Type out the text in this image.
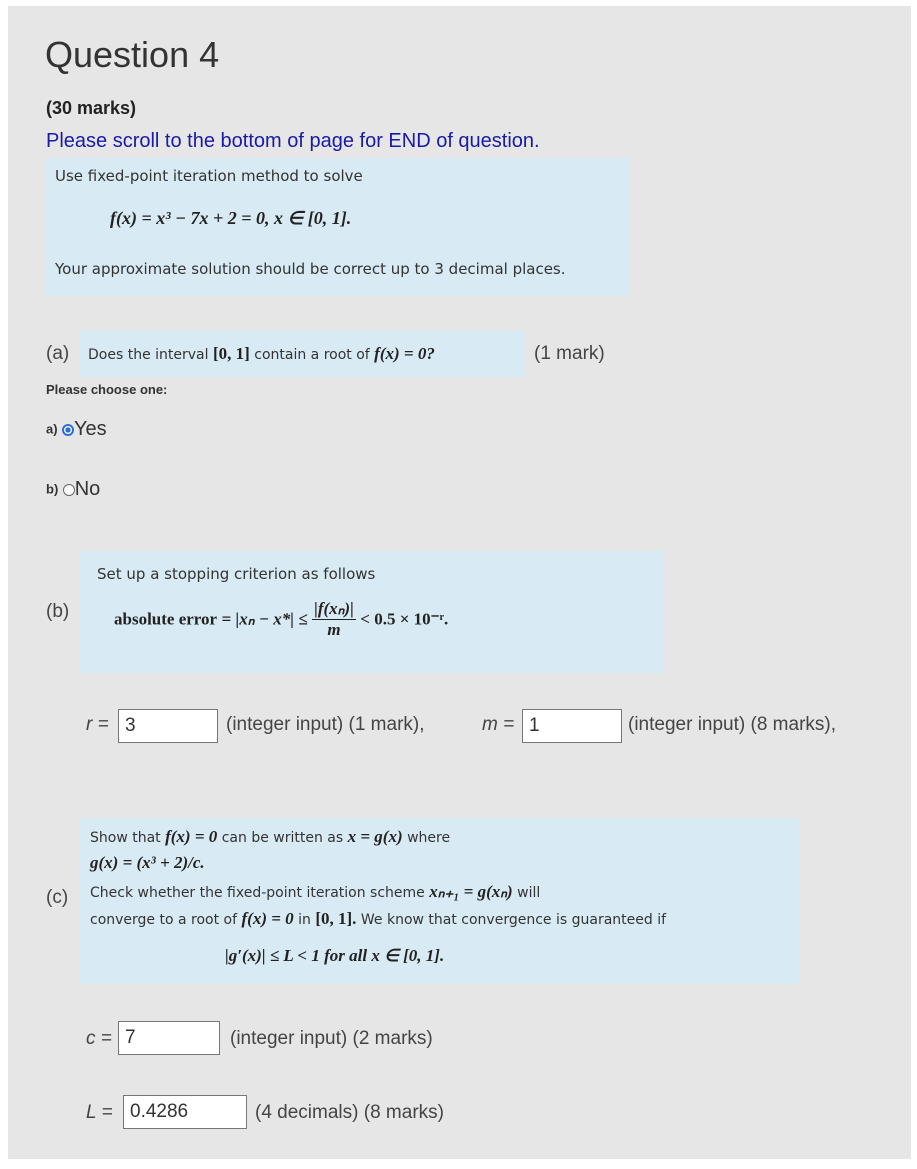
Question 4
(30 marks)
Please scroll to the bottom of page for END of question.
Use fixed-point iteration method to solve
f(x) = x³ − 7x + 2 = 0, x ∈ [0, 1].
Your approximate solution should be correct up to 3 decimal places.
(a) Does the interval [0, 1] contain a root of f(x) = 0?	(1 mark)
Please choose one:
a) Yes
b) No
(b)
Set up a stopping criterion as follows
absolute error = $|x_n - x*| \le \frac{\text{|f(xₙ)|}}{m} < 0.5$ × 10⁻ʳ.
r =
3	(integer input) (1 mark),	m =
1	(integer input) (8 marks),
(c)
Show that f(x) = 0 can be written as x = g(x) where
g(x) = (x³ + 2)/c.
Check whether the fixed-point iteration scheme xₙ₊₁ = g(xₙ) will
converge to a root of f(x) = 0 in [0, 1]. We know that convergence is guaranteed if
|g′(x)| ≤ L < 1 for all x ∈ [0, 1].
c =
7	(integer input) (2 marks)
L =
0.4286	(4 decimals) (8 marks)
